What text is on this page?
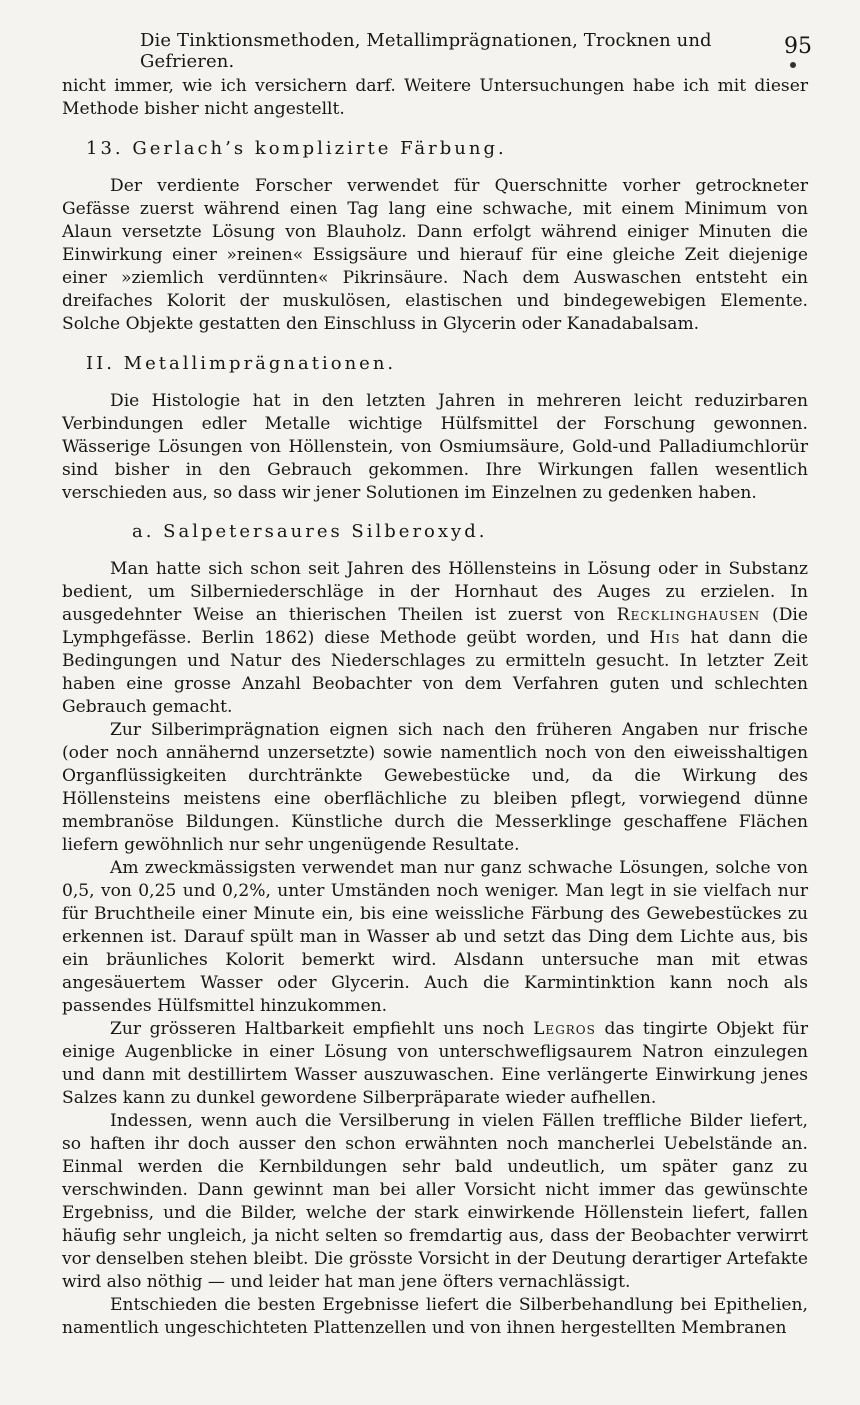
Die Tinktionsmethoden, Metallimprägnationen, Trocknen und Gefrieren.
95

nicht immer, wie ich versichern darf. Weitere Untersuchungen habe ich mit dieser Methode bisher nicht angestellt.

13. Gerlach’s komplizirte Färbung.

Der verdiente Forscher verwendet für Querschnitte vorher getrockneter Gefässe zuerst während einen Tag lang eine schwache, mit einem Minimum von Alaun versetzte Lösung von Blauholz. Dann erfolgt während einiger Minuten die Einwirkung einer »reinen« Essigsäure und hierauf für eine gleiche Zeit diejenige einer »ziemlich verdünnten« Pikrinsäure. Nach dem Auswaschen entsteht ein dreifaches Kolorit der muskulösen, elastischen und bindegewebigen Elemente. Solche Objekte gestatten den Einschluss in Glycerin oder Kanadabalsam.

II. Metallimprägnationen.

Die Histologie hat in den letzten Jahren in mehreren leicht reduzirbaren Verbindungen edler Metalle wichtige Hülfsmittel der Forschung gewonnen. Wässerige Lösungen von Höllenstein, von Osmiumsäure, Gold-und Palladiumchlorür sind bisher in den Gebrauch gekommen. Ihre Wirkungen fallen wesentlich verschieden aus, so dass wir jener Solutionen im Einzelnen zu gedenken haben.

a. Salpetersaures Silberoxyd.

Man hatte sich schon seit Jahren des Höllensteins in Lösung oder in Substanz bedient, um Silberniederschläge in der Hornhaut des Auges zu erzielen. In ausgedehnter Weise an thierischen Theilen ist zuerst von Recklinghausen (Die Lymphgefässe. Berlin 1862) diese Methode geübt worden, und His hat dann die Bedingungen und Natur des Niederschlages zu ermitteln gesucht. In letzter Zeit haben eine grosse Anzahl Beobachter von dem Verfahren guten und schlechten Gebrauch gemacht.

Zur Silberimprägnation eignen sich nach den früheren Angaben nur frische (oder noch annähernd unzersetzte) sowie namentlich noch von den eiweisshaltigen Organflüssigkeiten durchtränkte Gewebestücke und, da die Wirkung des Höllensteins meistens eine oberflächliche zu bleiben pflegt, vorwiegend dünne membranöse Bildungen. Künstliche durch die Messerklinge geschaffene Flächen liefern gewöhnlich nur sehr ungenügende Resultate.

Am zweckmässigsten verwendet man nur ganz schwache Lösungen, solche von 0,5, von 0,25 und 0,2%, unter Umständen noch weniger. Man legt in sie vielfach nur für Bruchtheile einer Minute ein, bis eine weissliche Färbung des Gewebestückes zu erkennen ist. Darauf spült man in Wasser ab und setzt das Ding dem Lichte aus, bis ein bräunliches Kolorit bemerkt wird. Alsdann untersuche man mit etwas angesäuertem Wasser oder Glycerin. Auch die Karmintinktion kann noch als passendes Hülfsmittel hinzukommen.

Zur grösseren Haltbarkeit empfiehlt uns noch Legros das tingirte Objekt für einige Augenblicke in einer Lösung von unterschwefligsaurem Natron einzulegen und dann mit destillirtem Wasser auszuwaschen. Eine verlängerte Einwirkung jenes Salzes kann zu dunkel gewordene Silberpräparate wieder aufhellen.

Indessen, wenn auch die Versilberung in vielen Fällen treffliche Bilder liefert, so haften ihr doch ausser den schon erwähnten noch mancherlei Uebelstände an. Einmal werden die Kernbildungen sehr bald undeutlich, um später ganz zu verschwinden. Dann gewinnt man bei aller Vorsicht nicht immer das gewünschte Ergebniss, und die Bilder, welche der stark einwirkende Höllenstein liefert, fallen häufig sehr ungleich, ja nicht selten so fremdartig aus, dass der Beobachter verwirrt vor denselben stehen bleibt. Die grösste Vorsicht in der Deutung derartiger Artefakte wird also nöthig — und leider hat man jene öfters vernachlässigt.

Entschieden die besten Ergebnisse liefert die Silberbehandlung bei Epithelien, namentlich ungeschichteten Plattenzellen und von ihnen hergestellten Membranen
